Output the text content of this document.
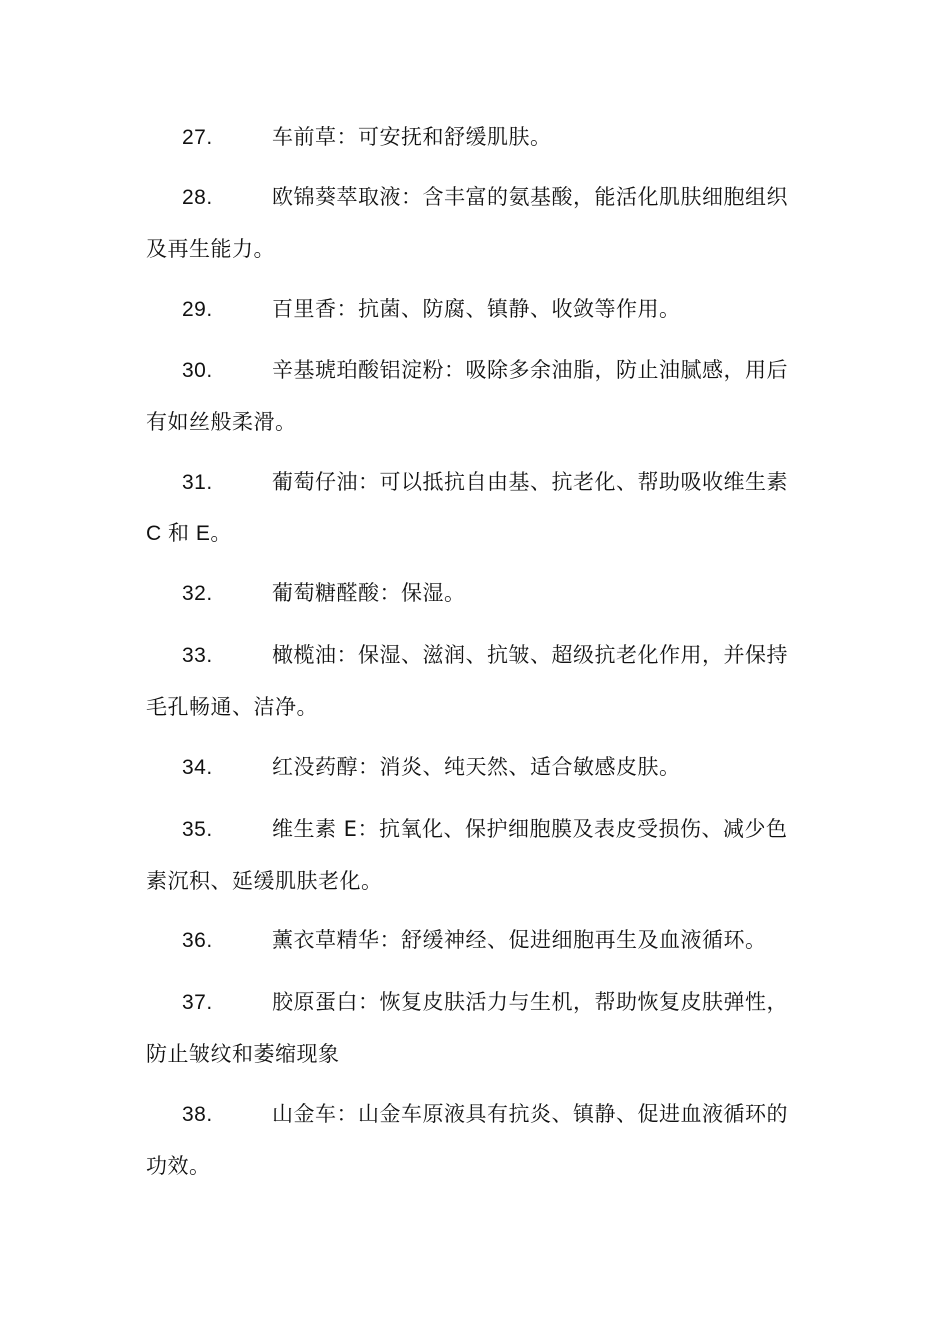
27.	车前草：可安抚和舒缓肌肤。
28.	欧锦葵萃取液：含丰富的氨基酸，能活化肌肤细胞组织
及再生能力。
29.	百里香：抗菌、防腐、镇静、收敛等作用。
30.	辛基琥珀酸铝淀粉：吸除多余油脂，防止油腻感，用后
有如丝般柔滑。
31.	葡萄仔油：可以抵抗自由基、抗老化、帮助吸收维生素
C 和 E。
32.	葡萄糖醛酸：保湿。
33.	橄榄油：保湿、滋润、抗皱、超级抗老化作用，并保持
毛孔畅通、洁净。
34.	红没药醇：消炎、纯天然、适合敏感皮肤。
35.	维生素 E：抗氧化、保护细胞膜及表皮受损伤、减少色
素沉积、延缓肌肤老化。
36.	薰衣草精华：舒缓神经、促进细胞再生及血液循环。
37.	胶原蛋白：恢复皮肤活力与生机，帮助恢复皮肤弹性，
防止皱纹和萎缩现象
38.	山金车：山金车原液具有抗炎、镇静、促进血液循环的
功效。
